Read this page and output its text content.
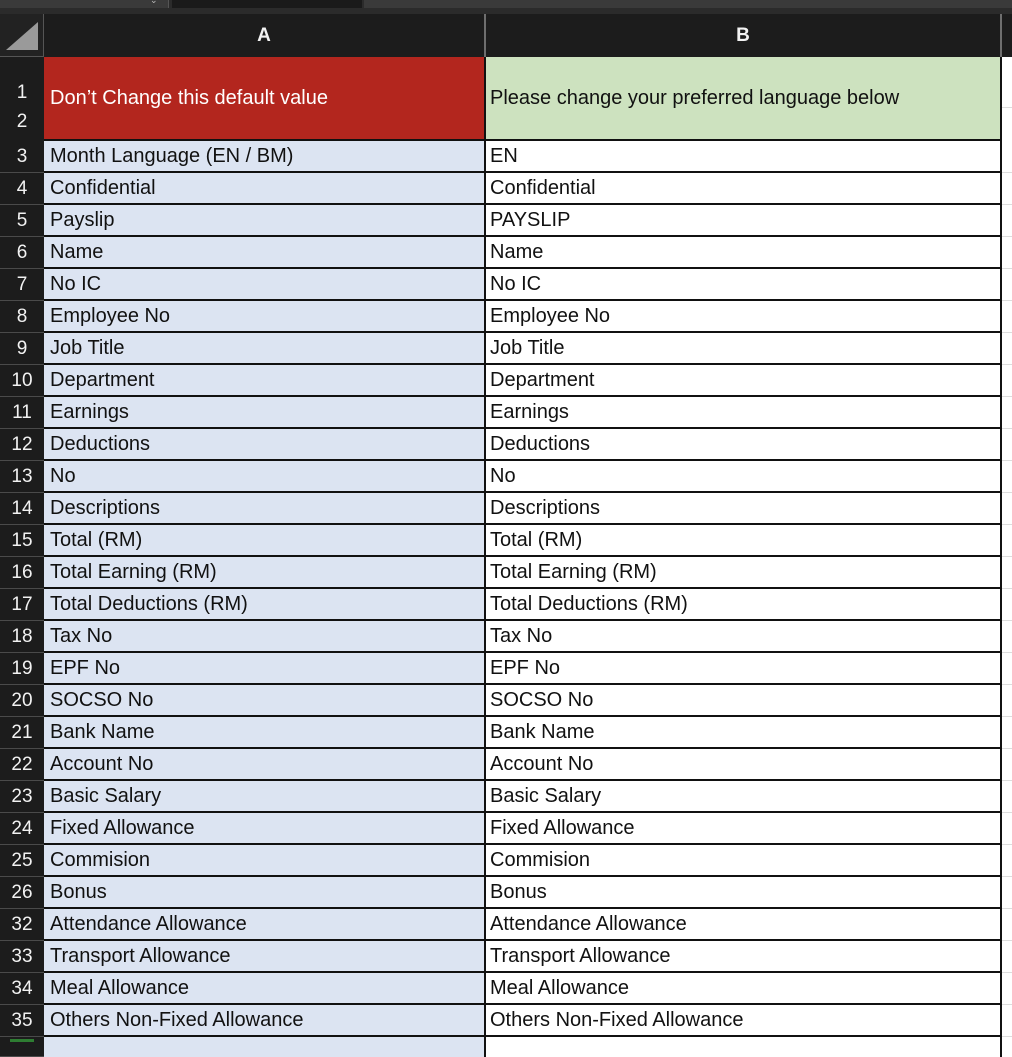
⌄
A	B
1
2
Don’t Change this default value	Please change your preferred language below
3	Month Language (EN / BM)	EN
4	Confidential	Confidential
5	Payslip	PAYSLIP
6	Name	Name
7	No IC	No IC
8	Employee No	Employee No
9	Job Title	Job Title
10 Department	Department
11 Earnings	Earnings
12 Deductions	Deductions
13 No	No
14 Descriptions	Descriptions
15 Total (RM)	Total (RM)
16 Total Earning (RM)	Total Earning (RM)
17 Total Deductions (RM)	Total Deductions (RM)
18 Tax No	Tax No
19 EPF No	EPF No
20 SOCSO No	SOCSO No
21 Bank Name	Bank Name
22 Account No	Account No
23 Basic Salary	Basic Salary
24 Fixed Allowance	Fixed Allowance
25 Commision	Commision
26 Bonus	Bonus
32 Attendance Allowance	Attendance Allowance
33 Transport Allowance	Transport Allowance
34 Meal Allowance	Meal Allowance
35 Others Non-Fixed Allowance	Others Non-Fixed Allowance
